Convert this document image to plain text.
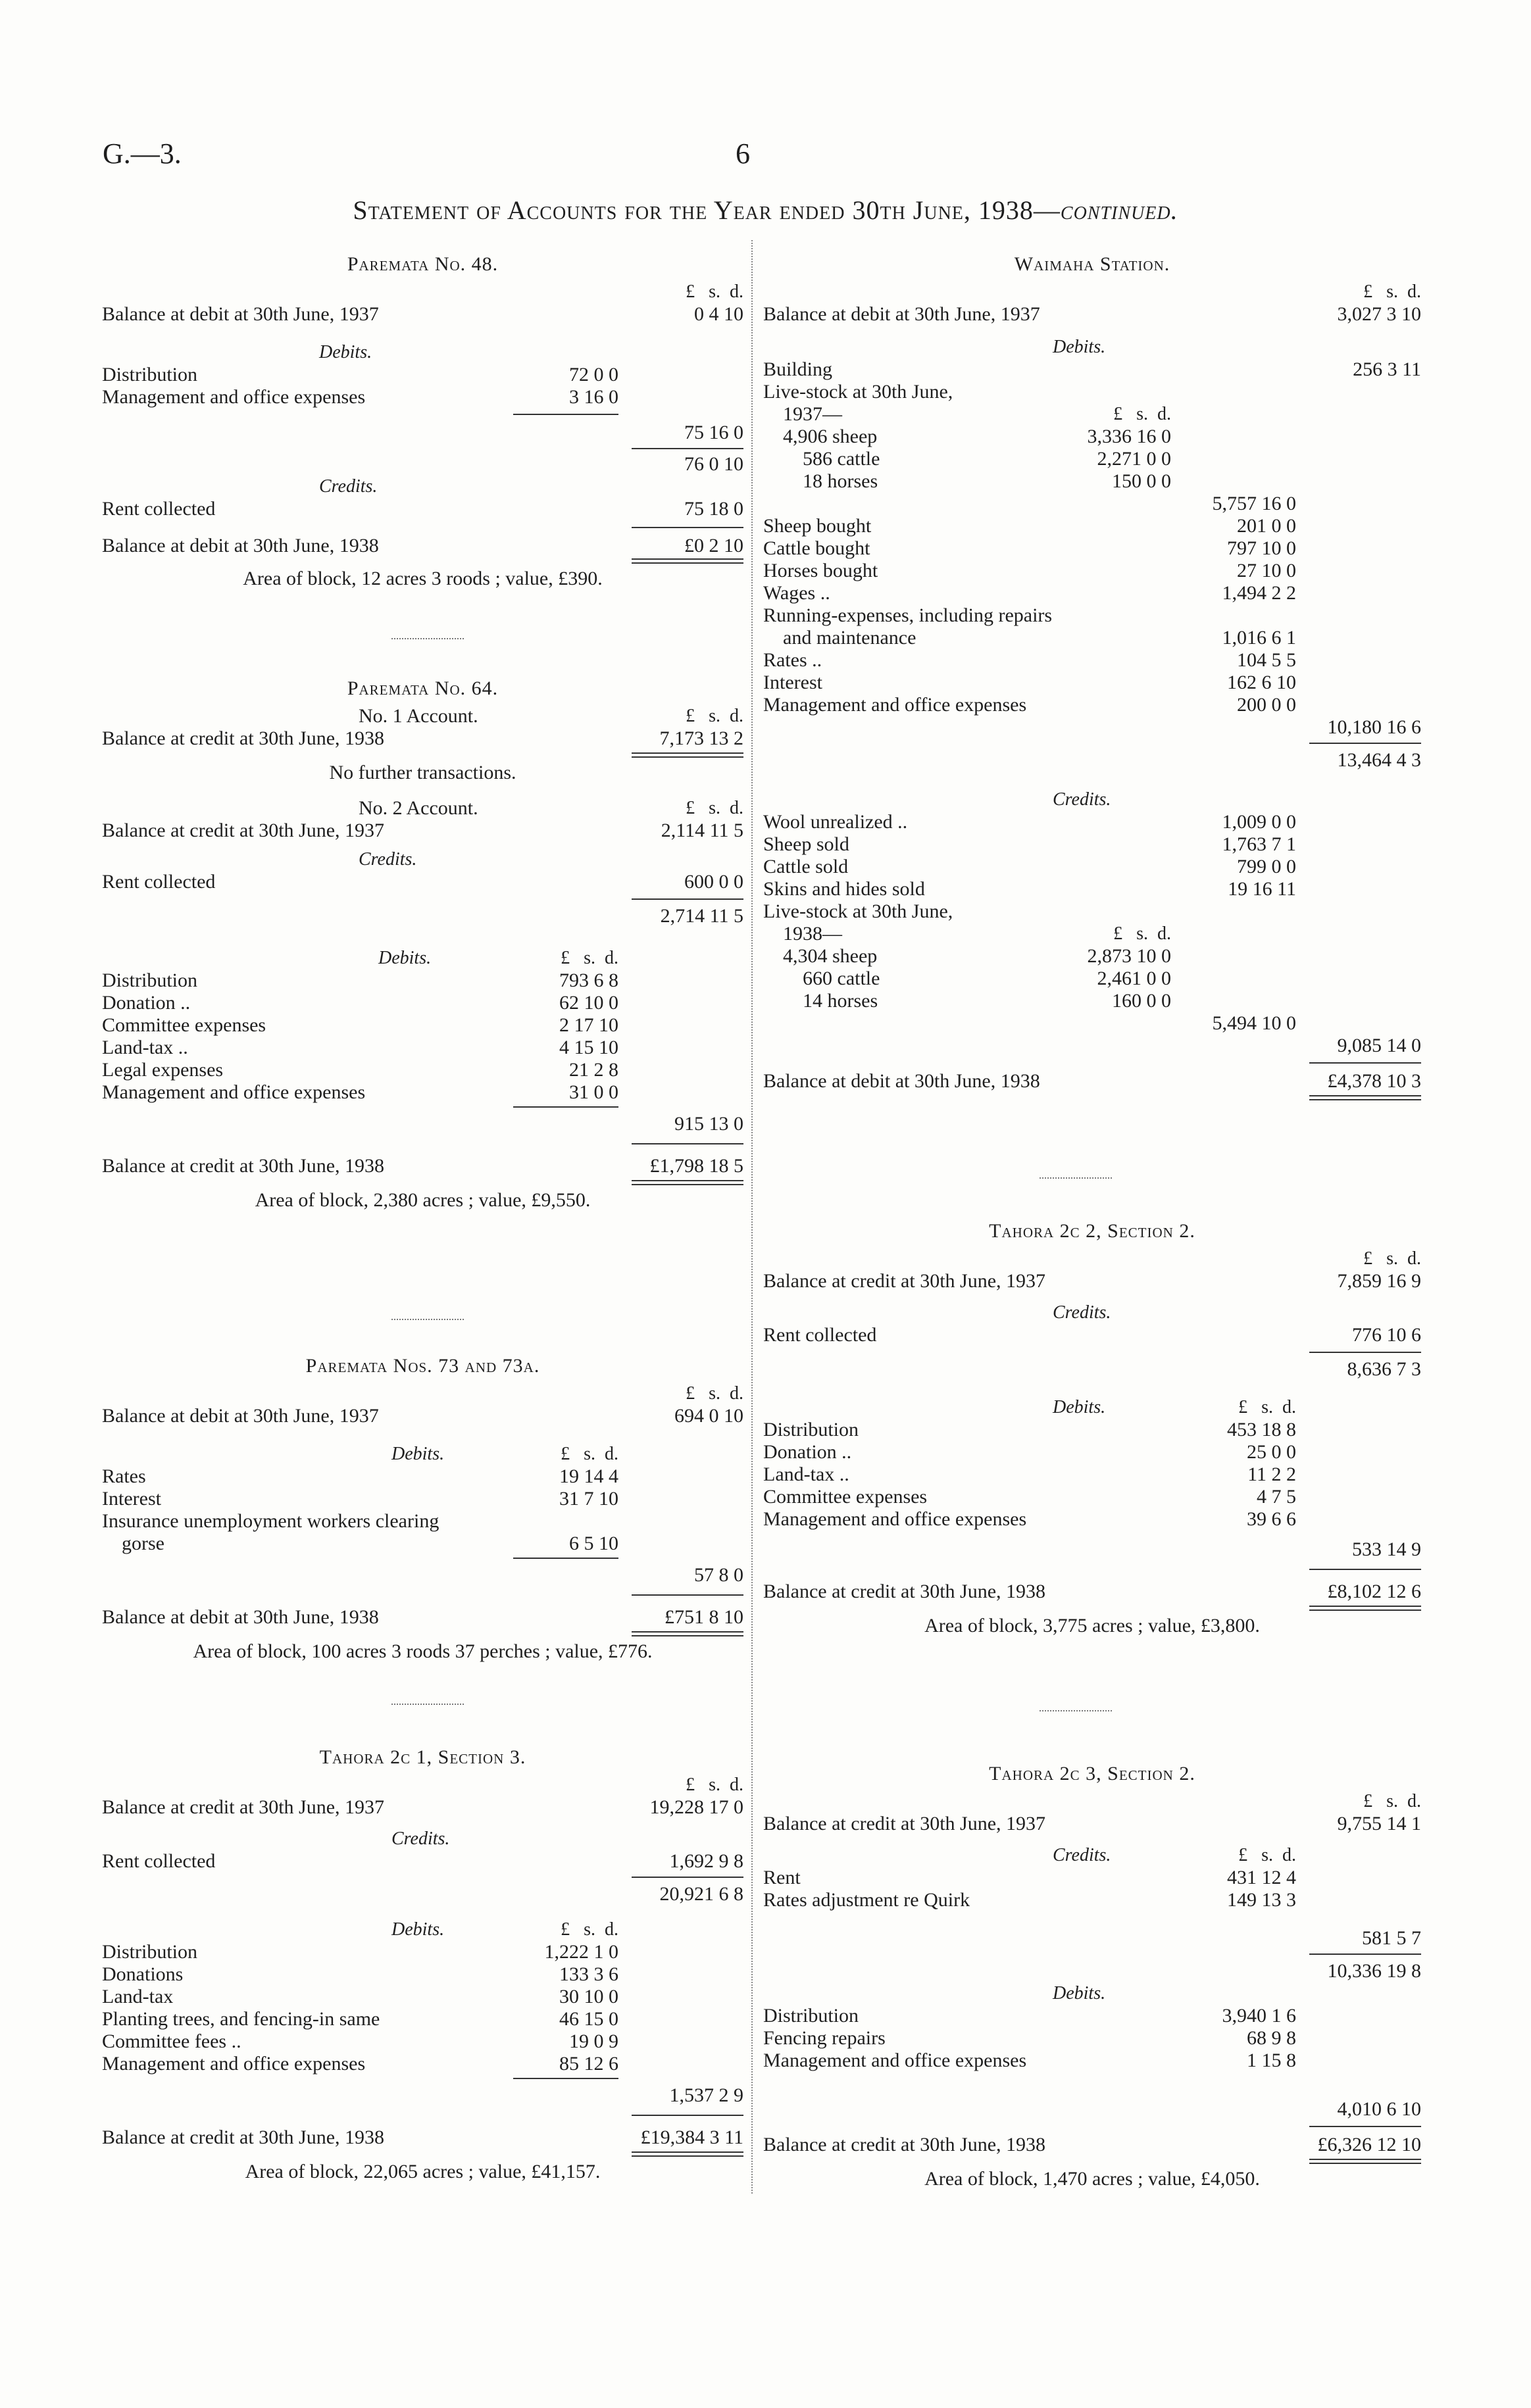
G.—3.	6
Statement of Accounts for the Year ended 30th June, 1938—continued.
Paremata No. 48.
£ s. d.
Balance at debit at 30th June, 1937	0 4 10
Debits.
Distribution	72 0 0
Management and office expenses	3 16 0
75 16 0
76 0 10
Credits.
Rent collected	75 18 0
Balance at debit at 30th June, 1938	£0 2 10
Area of block, 12 acres 3 roods ; value, £390.
Paremata No. 64.
No. 1 Account.	£ s. d.
Balance at credit at 30th June, 1938	7,173 13 2
No further transactions.
No. 2 Account.	£ s. d.
Balance at credit at 30th June, 1937	2,114 11 5
Credits.
Rent collected	600 0 0
2,714 11 5
Debits.	£ s. d.
Distribution	793 6 8
Donation ..	62 10 0
Committee expenses	2 17 10
Land-tax ..	4 15 10
Legal expenses	21 2 8
Management and office expenses	31 0 0
915 13 0
Balance at credit at 30th June, 1938	£1,798 18 5
Area of block, 2,380 acres ; value, £9,550.
Paremata Nos. 73 and 73a.
£ s. d.
Balance at debit at 30th June, 1937	694 0 10
Debits.	£ s. d.
Rates	19 14 4
Interest	31 7 10
Insurance unemployment workers clearing
gorse	6 5 10
57 8 0
Balance at debit at 30th June, 1938	£751 8 10
Area of block, 100 acres 3 roods 37 perches ; value, £776.
Tahora 2c 1, Section 3.
£ s. d.
Balance at credit at 30th June, 1937	19,228 17 0
Credits.
Rent collected	1,692 9 8
20,921 6 8
Debits.	£ s. d.
Distribution	1,222 1 0
Donations	133 3 6
Land-tax	30 10 0
Planting trees, and fencing-in same	46 15 0
Committee fees ..	19 0 9
Management and office expenses	85 12 6
1,537 2 9
Balance at credit at 30th June, 1938	£19,384 3 11
Area of block, 22,065 acres ; value, £41,157.
Waimaha Station.
£ s. d.
Balance at debit at 30th June, 1937	3,027 3 10
Debits.
Building	256 3 11
Live-stock at 30th June,
1937—	£ s. d.
4,906 sheep	3,336 16 0
586 cattle	2,271 0 0
18 horses	150 0 0
5,757 16 0
Sheep bought	201 0 0
Cattle bought	797 10 0
Horses bought	27 10 0
Wages ..	1,494 2 2
Running-expenses, including repairs
and maintenance	1,016 6 1
Rates ..	104 5 5
Interest	162 6 10
Management and office expenses	200 0 0
10,180 16 6
13,464 4 3
Credits.
Wool unrealized ..	1,009 0 0
Sheep sold	1,763 7 1
Cattle sold	799 0 0
Skins and hides sold	19 16 11
Live-stock at 30th June,
1938—	£ s. d.
4,304 sheep	2,873 10 0
660 cattle	2,461 0 0
14 horses	160 0 0
5,494 10 0
9,085 14 0
Balance at debit at 30th June, 1938	£4,378 10 3
Tahora 2c 2, Section 2.
£ s. d.
Balance at credit at 30th June, 1937	7,859 16 9
Credits.
Rent collected	776 10 6
8,636 7 3
Debits.	£ s. d.
Distribution	453 18 8
Donation ..	25 0 0
Land-tax ..	11 2 2
Committee expenses	4 7 5
Management and office expenses	39 6 6
533 14 9
Balance at credit at 30th June, 1938	£8,102 12 6
Area of block, 3,775 acres ; value, £3,800.
Tahora 2c 3, Section 2.
£ s. d.
Balance at credit at 30th June, 1937	9,755 14 1
Credits.	£ s. d.
Rent	431 12 4
Rates adjustment re Quirk	149 13 3
581 5 7
10,336 19 8
Debits.
Distribution	3,940 1 6
Fencing repairs	68 9 8
Management and office expenses	1 15 8
4,010 6 10
Balance at credit at 30th June, 1938	£6,326 12 10
Area of block, 1,470 acres ; value, £4,050.
